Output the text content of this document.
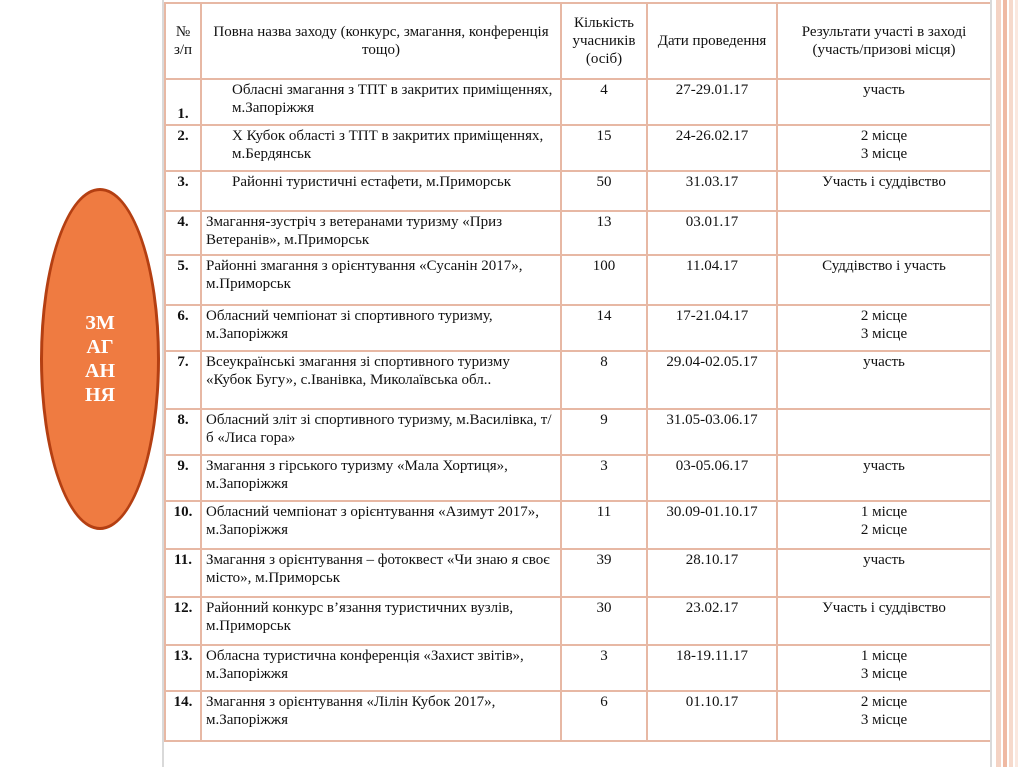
ЗМАГАННЯ
№ з/п	Повна назва заходу (конкурс, змагання, конференція тощо)	Кількість учасників (осіб)	Дати проведення	Результати участі в заході (участь/призові місця)
1.	Обласні змагання з ТПТ в закритих приміщеннях, м.Запоріжжя	4	27-29.01.17	участь
2.	Х Кубок області з ТПТ в закритих приміщеннях, м.Бердянськ	15	24-26.02.17	2 місце
3 місце
3.	Районні туристичні естафети, м.Приморськ	50	31.03.17	Участь і суддівство
4.	Змагання-зустріч з ветеранами туризму «Приз Ветеранів», м.Приморськ	13	03.01.17	
5.	Районні змагання з орієнтування «Сусанін 2017», м.Приморськ	100	11.04.17	Суддівство і участь
6.	Обласний чемпіонат зі спортивного туризму, м.Запоріжжя	14	17-21.04.17	2 місце
3 місце
7.	Всеукраїнські змагання зі спортивного туризму «Кубок Бугу», с.Іванівка, Миколаївська обл..	8	29.04-02.05.17	участь
8.	Обласний зліт зі спортивного туризму, м.Василівка, т/б «Лиса гора»	9	31.05-03.06.17	
9.	Змагання з гірського туризму «Мала Хортиця», м.Запоріжжя	3	03-05.06.17	участь
10.	Обласний чемпіонат з орієнтування «Азимут 2017», м.Запоріжжя	11	30.09-01.10.17	1 місце
2 місце
11.	Змагання з орієнтування – фотоквест «Чи знаю я своє місто», м.Приморськ	39	28.10.17	участь
12.	Районний конкурс в’язання туристичних вузлів, м.Приморськ	30	23.02.17	Участь і суддівство
13.	Обласна туристична конференція «Захист звітів», м.Запоріжжя	3	18-19.11.17	1 місце
3 місце
14.	Змагання з орієнтування «Лілін Кубок 2017», м.Запоріжжя	6	01.10.17	2 місце
3 місце
